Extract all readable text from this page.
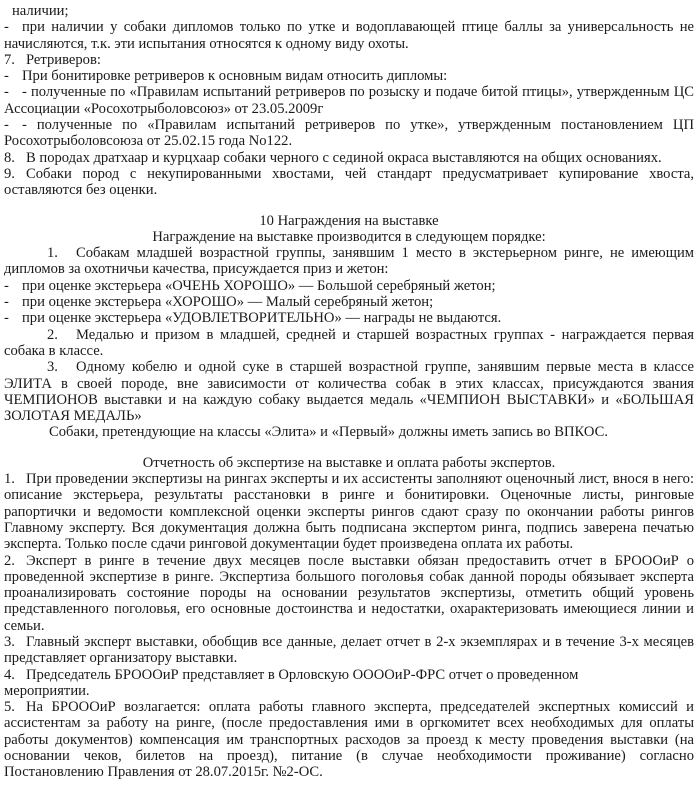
наличии;

- при наличии у собаки дипломов только по утке и водоплавающей птице баллы за универсальность не начисляются, т.к. эти испытания относятся к одному виду охоты.

7. Ретриверов:

- При бонитировке ретриверов к основным видам относить дипломы:

- - полученные по «Правилам испытаний ретриверов по розыску и подаче битой птицы», утвержденным ЦС Ассоциации «Росохотрыболовсоюз» от 23.05.2009г

- - полученные по «Правилам испытаний ретриверов по утке», утвержденным постановлением ЦП Росохотрыболовсоюза от 25.02.15 года No122.

8. В породах дратхаар и курцхаар собаки черного с сединой окраса выставляются на общих основаниях.

9. Собаки пород с некупированными хвостами, чей стандарт предусматривает купирование хвоста, оставляются без оценки.

10 Награждения на выставке

Награждение на выставке производится в следующем порядке:

1. Собакам младшей возрастной группы, занявшим 1 место в экстерьерном ринге, не имеющим дипломов за охотничьи качества, присуждается приз и жетон:

- при оценке экстерьера «ОЧЕНЬ ХОРОШО» — Большой серебряный жетон;

- при оценке экстерьера «ХОРОШО» — Малый серебряный жетон;

- при оценке экстерьера «УДОВЛЕТВОРИТЕЛЬНО» — награды не выдаются.

2. Медалью и призом в младшей, средней и старшей возрастных группах - награждается первая собака в классе.

3. Одному кобелю и одной суке в старшей возрастной группе, занявшим первые места в классе ЭЛИТА в своей породе, вне зависимости от количества собак в этих классах, присуждаются звания ЧЕМПИОНОВ выставки и на каждую собаку выдается медаль «ЧЕМПИОН ВЫСТАВКИ» и «БОЛЬШАЯ ЗОЛОТАЯ МЕДАЛЬ»

Собаки, претендующие на классы «Элита» и «Первый» должны иметь запись во ВПКОС.

Отчетность об экспертизе на выставке и оплата работы экспертов.

1. При проведении экспертизы на рингах эксперты и их ассистенты заполняют оценочный лист, внося в него: описание экстерьера, результаты расстановки в ринге и бонитировки. Оценочные листы, ринговые рапортички и ведомости комплексной оценки эксперты рингов сдают сразу по окончании работы рингов Главному эксперту. Вся документация должна быть подписана экспертом ринга, подпись заверена печатью эксперта. Только после сдачи ринговой документации будет произведена оплата их работы.

2. Эксперт в ринге в течение двух месяцев после выставки обязан предоставить отчет в БРОООиР о проведенной экспертизе в ринге. Экспертиза большого поголовья собак данной породы обязывает эксперта проанализировать состояние породы на основании результатов экспертизы, отметить общий уровень представленного поголовья, его основные достоинства и недостатки, охарактеризовать имеющиеся линии и семьи.

3. Главный эксперт выставки, обобщив все данные, делает отчет в 2-х экземплярах и в течение 3-х месяцев представляет организатору выставки.

4. Председатель БРОООиР представляет в Орловскую ООООиР-ФРС отчет о проведенном
мероприятии.

5. На БРОООиР возлагается: оплата работы главного эксперта, председателей экспертных комиссий и ассистентам за работу на ринге, (после предоставления ими в оргкомитет всех необходимых для оплаты работы документов) компенсация им транспортных расходов за проезд к месту проведения выставки (на основании чеков, билетов на проезд), питание (в случае необходимости проживание) согласно Постановлению Правления от 28.07.2015г. №2-ОС.
